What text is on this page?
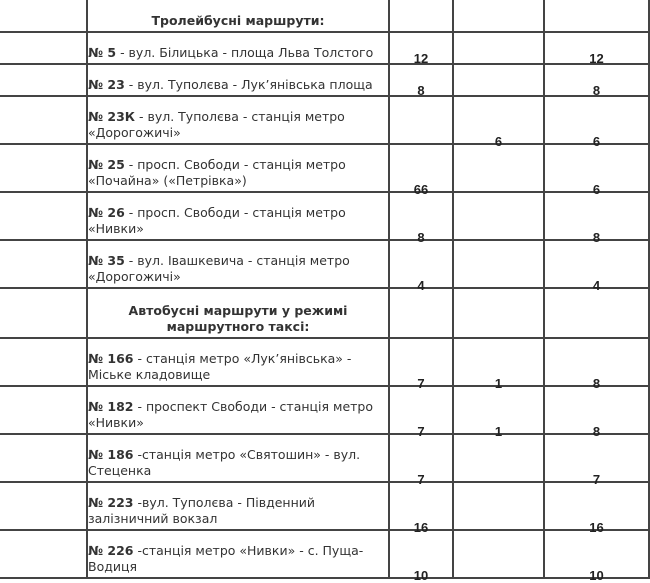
	Тролейбусні маршрути:			

	№ 5 - вул. Білицька - площа Льва Толстого	12		12

	№ 23 - вул. Туполєва - Лук’янівська площа	8		8

	№ 23К - вул. Туполєва - станція метро «Дорогожичі»		6	6

	№ 25 - просп. Свободи - станція метро «Почайна» («Петрівка»)	66		6

	№ 26 - просп. Свободи - станція метро «Нивки»	8		8

	№ 35 - вул. Івашкевича - станція метро «Дорогожичі»	4		4
	Автобусні маршрути у режимі маршрутного таксі:			

	№ 166 - станція метро «Лук’янівська» - Міське кладовище	7	1	8

	№ 182 - проспект Свободи - станція метро «Нивки»	7	1	8

	№ 186 -станція метро «Святошин» - вул. Стеценка	7		7

	№ 223 -вул. Туполєва - Південний залізничний вокзал	16		16

	№ 226 -станція метро «Нивки» - с. Пуща-Водиця	10		10
